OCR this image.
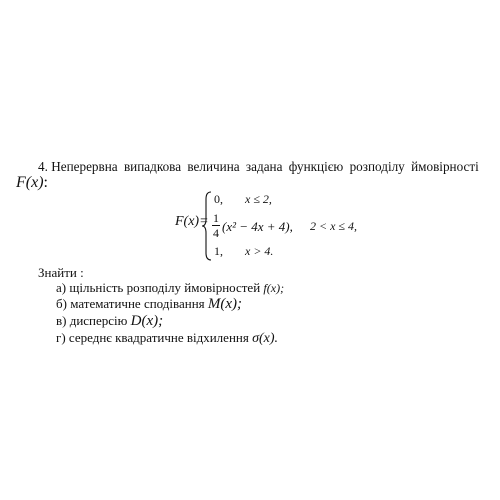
4. Неперервна випадкова величина задана функцією розподілу ймовірності
F(x):
F(x)=
0, x ≤ 2,
1
4 (x² − 4x + 4), 2 < x ≤ 4,
1, x > 4.
Знайти :
а) щільність розподілу ймовірностей f(x);
б) математичне сподівання M(x);
в) дисперсію D(x);
г) середнє квадратичне відхилення σ(x).
